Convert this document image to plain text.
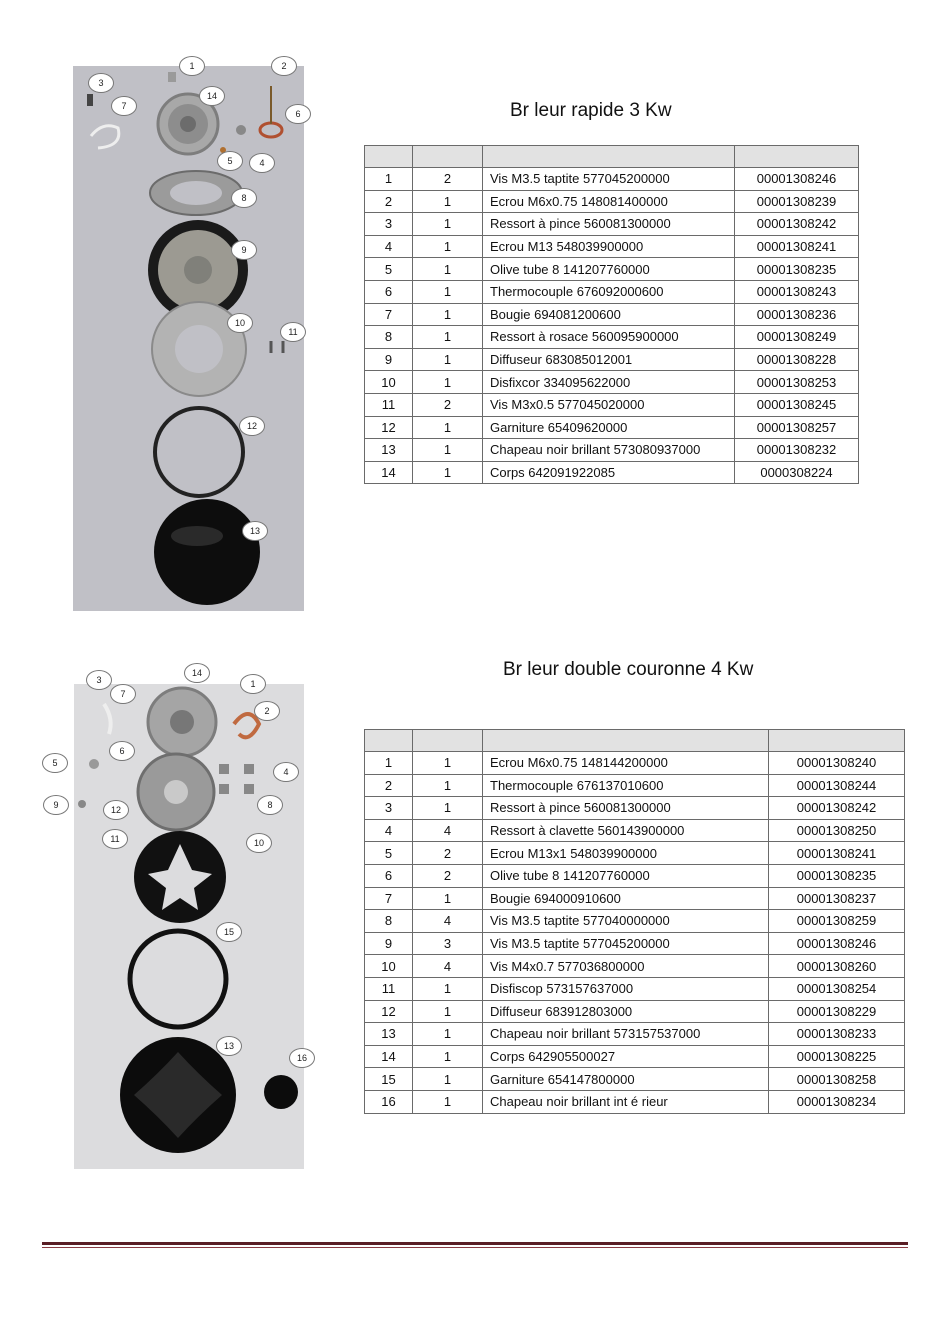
1	2
3
4
5
6
7
8
9
10
11
12
13
14
Br leur rapide 3 Kw

1	2	Vis M3.5 taptite 577045200000	00001308246
2	1	Ecrou M6x0.75 148081400000	00001308239
3	1	Ressort à pince 560081300000	00001308242
4	1	Ecrou M13 548039900000	00001308241
5	1	Olive tube 8 141207760000	00001308235
6	1	Thermocouple 676092000600	00001308243
7	1	Bougie 694081200600	00001308236
8	1	Ressort à rosace 560095900000	00001308249
9	1	Diffuseur 683085012001	00001308228
10	1	Disfixcor 334095622000	00001308253
11	2	Vis M3x0.5 577045020000	00001308245
12	1	Garniture 65409620000	00001308257
13	1	Chapeau noir brillant 573080937000	00001308232
14	1	Corps 642091922085	0000308224
1
2
3
4
5
6
7
8
9
10
11
12
13
14
15
16
Br leur double couronne 4 Kw

1	1	Ecrou M6x0.75 148144200000	00001308240
2	1	Thermocouple 676137010600	00001308244
3	1	Ressort à pince 560081300000	00001308242
4	4	Ressort à clavette 560143900000	00001308250
5	2	Ecrou M13x1 548039900000	00001308241
6	2	Olive tube 8 141207760000	00001308235
7	1	Bougie 694000910600	00001308237
8	4	Vis M3.5 taptite 577040000000	00001308259
9	3	Vis M3.5 taptite 577045200000	00001308246
10	4	Vis M4x0.7 577036800000	00001308260
11	1	Disfiscop 573157637000	00001308254
12	1	Diffuseur 683912803000	00001308229
13	1	Chapeau noir brillant 573157537000	00001308233
14	1	Corps 642905500027	00001308225
15	1	Garniture 654147800000	00001308258
16	1	Chapeau noir brillant int é rieur	00001308234
